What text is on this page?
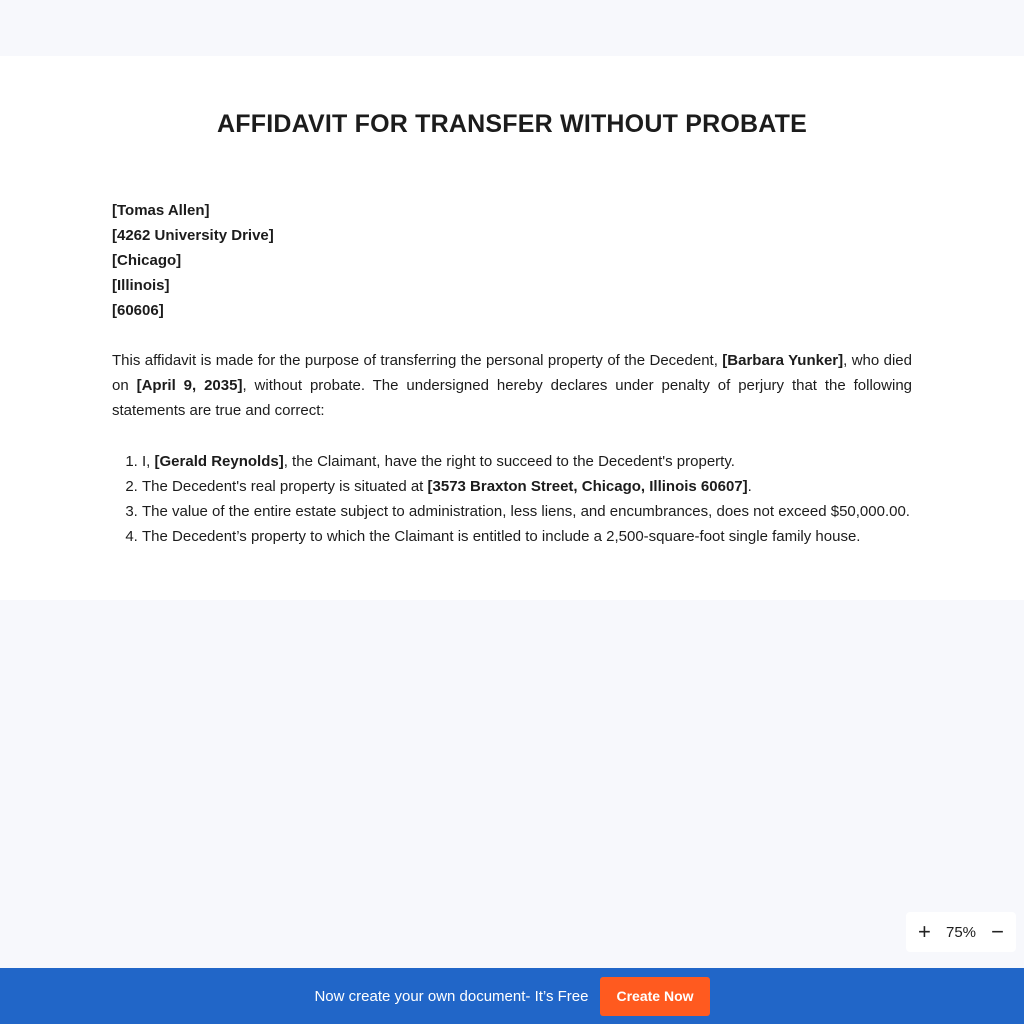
AFFIDAVIT FOR TRANSFER WITHOUT PROBATE
[Tomas Allen]
[4262 University Drive]
[Chicago]
[Illinois]
[60606]

This affidavit is made for the purpose of transferring the personal property of the Decedent, [Barbara Yunker], who died on [April 9, 2035], without probate. The undersigned hereby declares under penalty of perjury that the following statements are true and correct:

1. I, [Gerald Reynolds], the Claimant, have the right to succeed to the Decedent's property.
2. The Decedent's real property is situated at [3573 Braxton Street, Chicago, Illinois 60607].
3. The value of the entire estate subject to administration, less liens, and encumbrances, does not exceed $50,000.00.
4. The Decedent’s property to which the Claimant is entitled to include a 2,500-square-foot single family house.
+ 75% −
Now create your own document- It’s Free	Create Now
